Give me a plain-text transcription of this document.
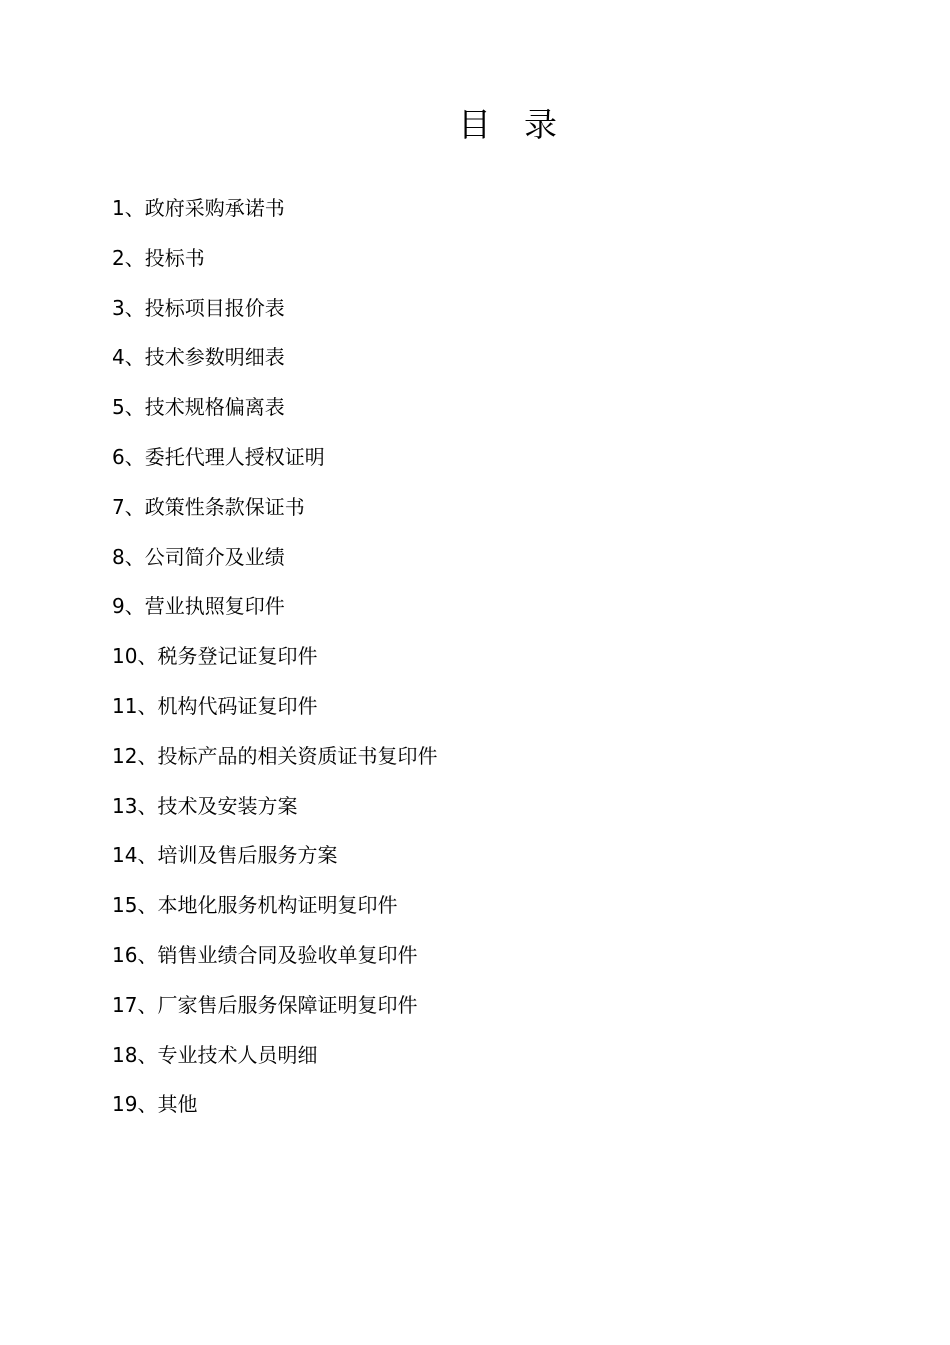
目　录
1、政府采购承诺书
2、投标书
3、投标项目报价表
4、技术参数明细表
5、技术规格偏离表
6、委托代理人授权证明
7、政策性条款保证书
8、公司简介及业绩
9、营业执照复印件
10、税务登记证复印件
11、机构代码证复印件
12、投标产品的相关资质证书复印件
13、技术及安装方案
14、培训及售后服务方案
15、本地化服务机构证明复印件
16、销售业绩合同及验收单复印件
17、厂家售后服务保障证明复印件
18、专业技术人员明细
19、其他
